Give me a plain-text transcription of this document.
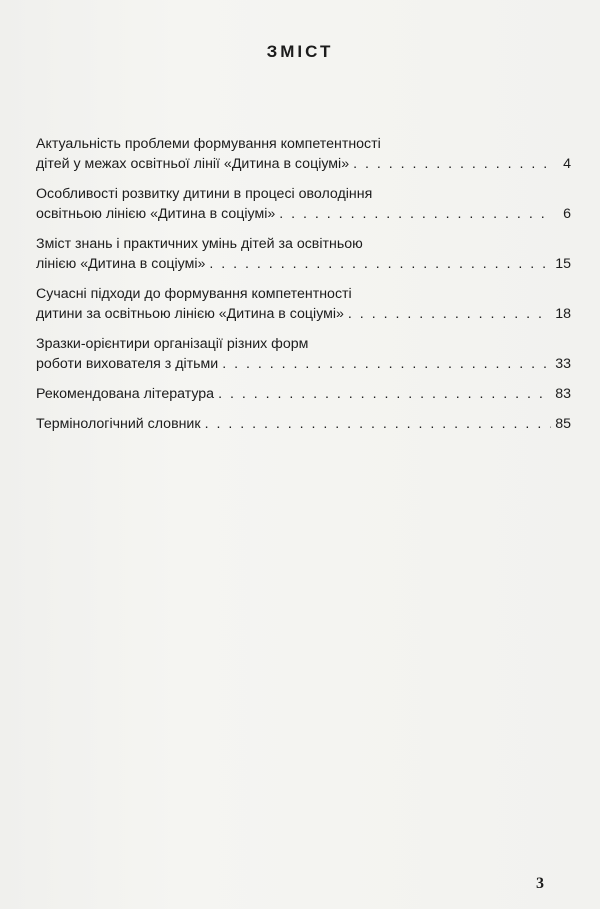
ЗМІСТ
Актуальність проблеми формування компетентності
дітей у межах освітньої лінії «Дитина в соціумі» . . .	4
Особливості розвитку дитини в процесі оволодіння
освітньою лінією «Дитина в соціумі» . . .	6
Зміст знань і практичних умінь дітей за освітньою
лінією «Дитина в соціумі» . . .	15
Сучасні підходи до формування компетентності
дитини за освітньою лінією «Дитина в соціумі» . . .	18
Зразки-орієнтири організації різних форм
роботи вихователя з дітьми . . .	33
Рекомендована література . . .	83
Термінологічний словник . . .	85
3
